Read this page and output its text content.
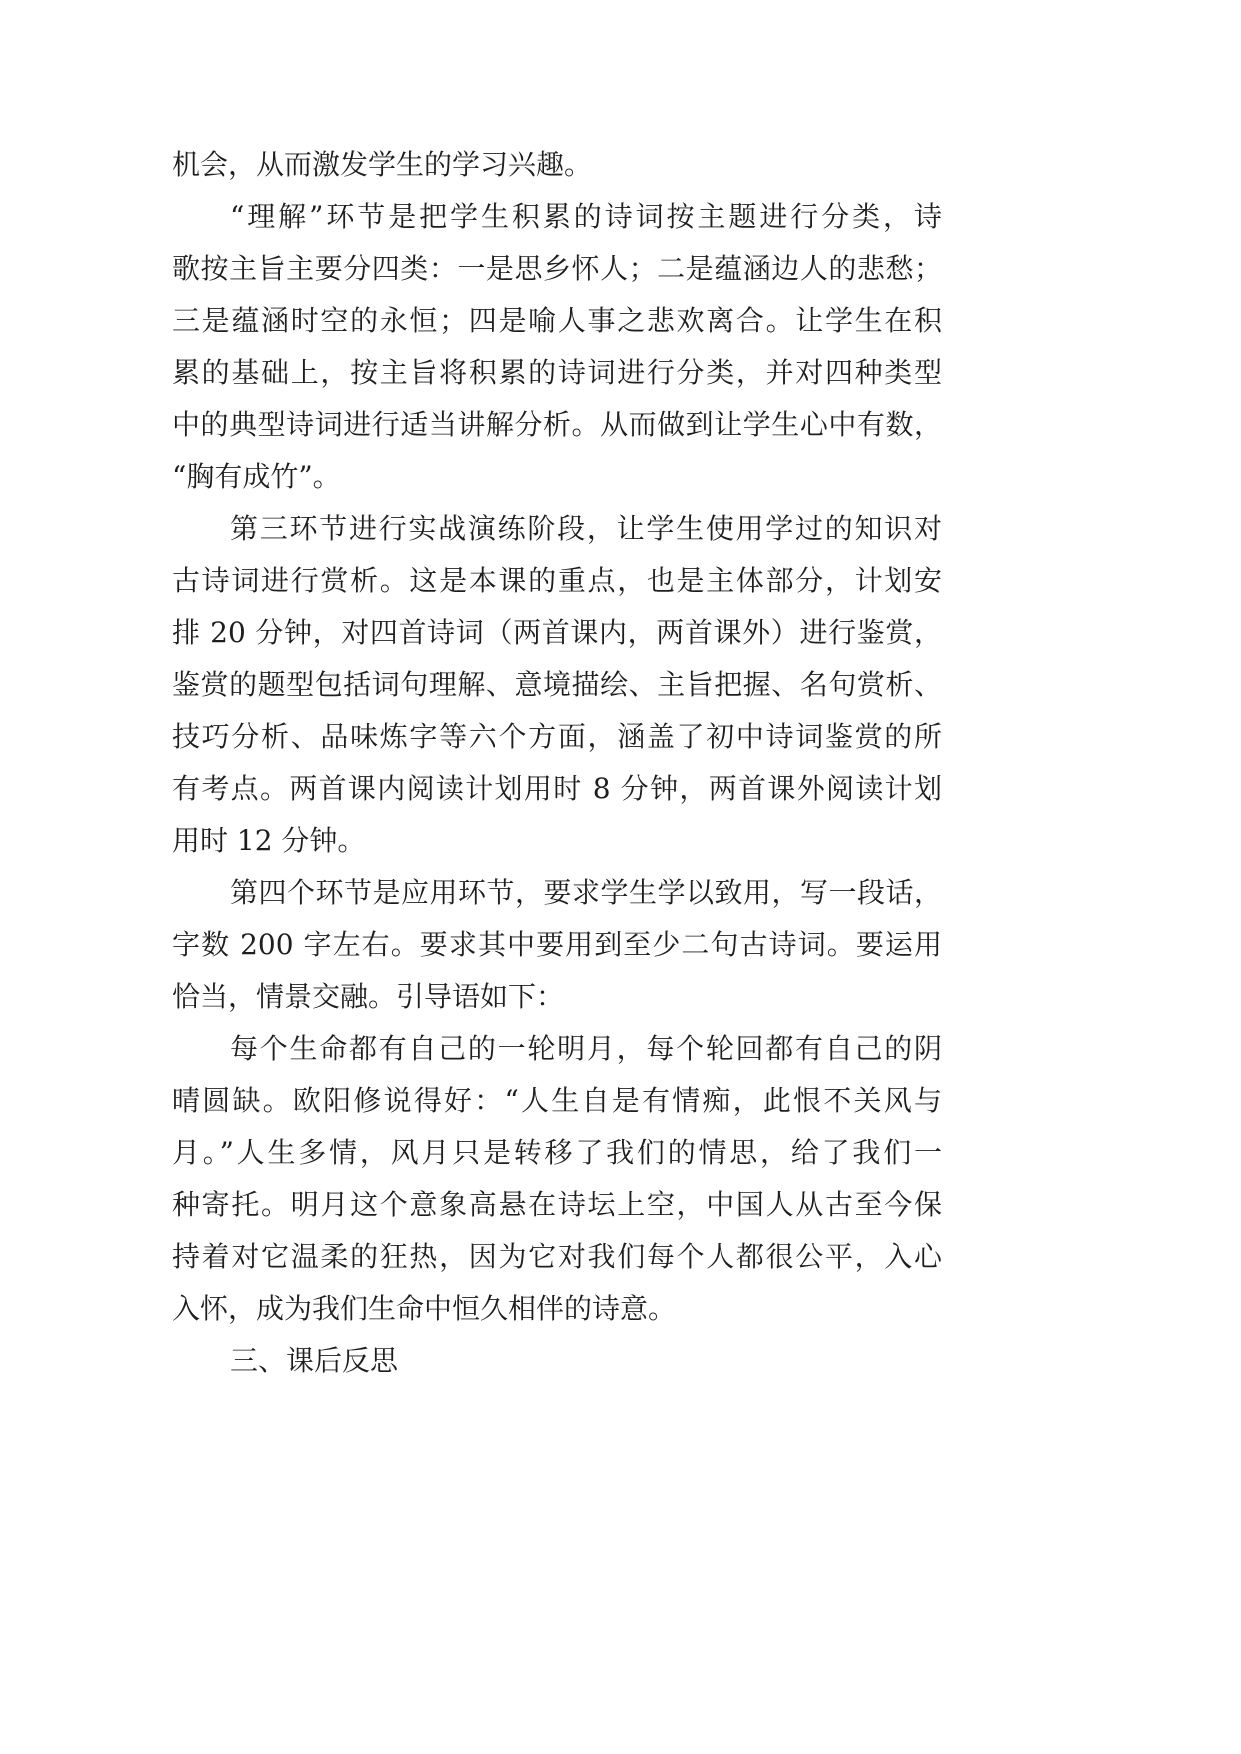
机会，从而激发学生的学习兴趣。
“理解”环节是把学生积累的诗词按主题进行分类，诗
歌按主旨主要分四类：一是思乡怀人；二是蕴涵边人的悲愁；
三是蕴涵时空的永恒；四是喻人事之悲欢离合。让学生在积
累的基础上，按主旨将积累的诗词进行分类，并对四种类型
中的典型诗词进行适当讲解分析。从而做到让学生心中有数，
“胸有成竹”。
第三环节进行实战演练阶段，让学生使用学过的知识对
古诗词进行赏析。这是本课的重点，也是主体部分，计划安
排 20 分钟，对四首诗词（两首课内，两首课外）进行鉴赏，
鉴赏的题型包括词句理解、意境描绘、主旨把握、名句赏析、
技巧分析、品味炼字等六个方面，涵盖了初中诗词鉴赏的所
有考点。两首课内阅读计划用时 8 分钟，两首课外阅读计划
用时 12 分钟。
第四个环节是应用环节，要求学生学以致用，写一段话，
字数 200 字左右。要求其中要用到至少二句古诗词。要运用
恰当，情景交融。引导语如下：
每个生命都有自己的一轮明月，每个轮回都有自己的阴
晴圆缺。欧阳修说得好：“人生自是有情痴，此恨不关风与
月。”人生多情，风月只是转移了我们的情思，给了我们一
种寄托。明月这个意象高悬在诗坛上空，中国人从古至今保
持着对它温柔的狂热，因为它对我们每个人都很公平，入心
入怀，成为我们生命中恒久相伴的诗意。
三、课后反思
